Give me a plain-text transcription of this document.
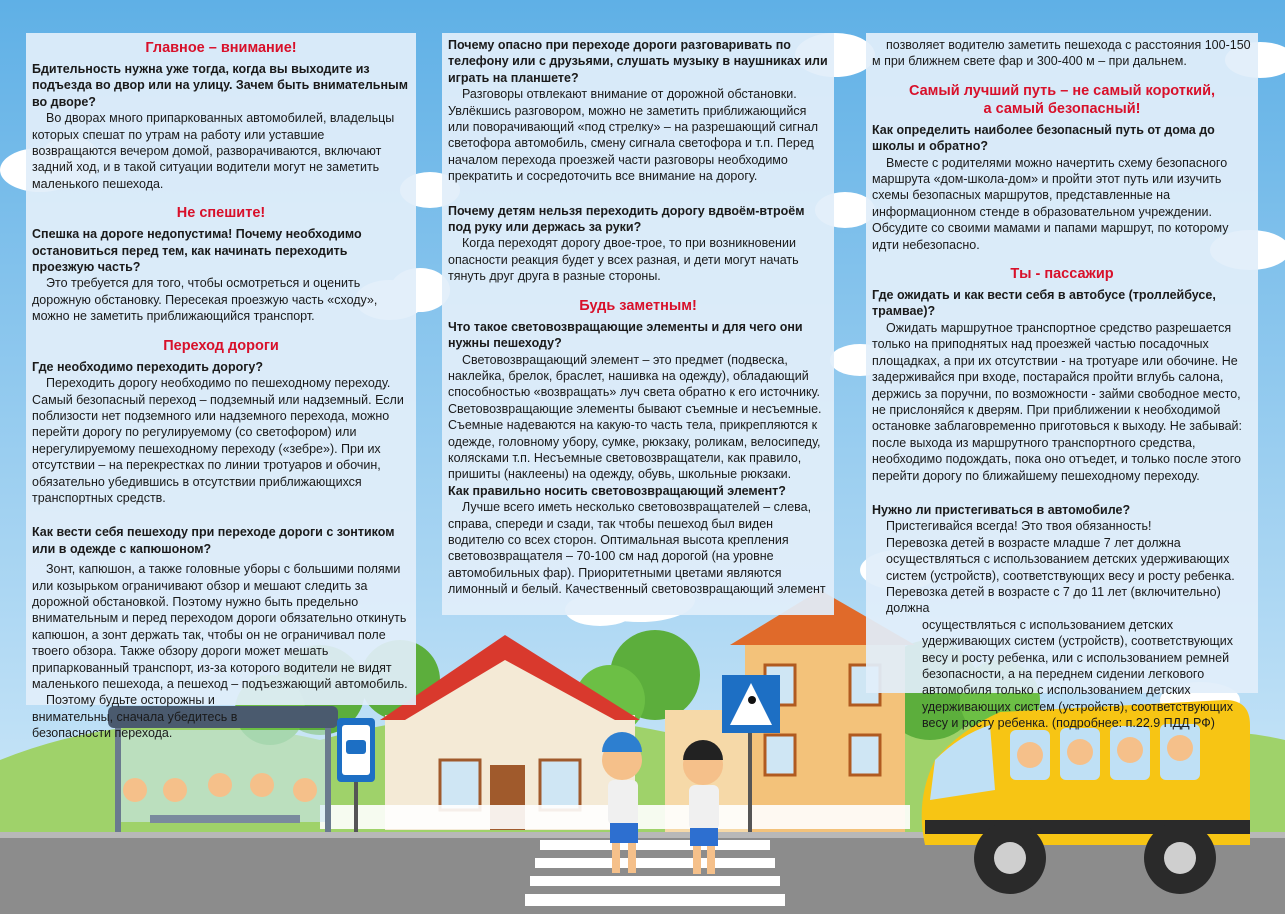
Главное – внимание!
Бдительность нужна уже тогда, когда вы выходите из подъезда во двор или на улицу. Зачем быть внимательным во дворе?
Во дворах много припаркованных автомобилей, владельцы которых спешат по утрам на работу или уставшие возвращаются вечером домой, разворачиваются, включают задний ход, и в такой ситуации водители могут не заметить маленького пешехода.
Не спешите!
Спешка на дороге недопустима! Почему необходимо остановиться перед тем, как начинать переходить проезжую часть?
Это требуется для того, чтобы осмотреться и оценить дорожную обстановку. Пересекая проезжую часть «сходу», можно не заметить приближающийся транспорт.
Переход дороги
Где необходимо переходить дорогу?
Переходить дорогу необходимо по пешеходному переходу. Самый безопасный переход – подземный или надземный. Если поблизости нет подземного или надземного перехода, можно перейти дорогу по регулируемому (со светофором) или нерегулируемому пешеходному переходу («зебре»). При их отсутствии – на перекрестках по линии тротуаров и обочин, обязательно убедившись в отсутствии приближающихся транспортных средств.
Как вести себя пешеходу при переходе дороги с зонтиком или в одежде с капюшоном?
Зонт, капюшон, а также головные уборы с большими полями или козырьком ограничивают обзор и мешают следить за дорожной обстановкой. Поэтому нужно быть предельно внимательным и перед переходом дороги обязательно откинуть капюшон, а зонт держать так, чтобы он не ограничивал поле твоего обзора. Также обзору дороги может мешать припаркованный транспорт, из-за которого водители не видят маленького пешехода, а пешеход – подъезжающий автомобиль.
Поэтому будьте осторожны и внимательны, сначала убедитесь в безопасности перехода.
Почему опасно при переходе дороги разговаривать по телефону или с друзьями, слушать музыку в наушниках или играть на планшете?
Разговоры отвлекают внимание от дорожной обстановки. Увлёкшись разговором, можно не заметить приближающийся или поворачивающий «под стрелку» – на разрешающий сигнал светофора автомобиль, смену сигнала светофора и т.п. Перед началом перехода проезжей части разговоры необходимо прекратить и сосредоточить все внимание на дорогу.
Почему детям нельзя переходить дорогу вдвоём-втроём под руку или держась за руки?
Когда переходят дорогу двое-трое, то при возникновении опасности реакция будет у всех разная, и дети могут начать тянуть друг друга в разные стороны.
Будь заметным!
Что такое световозвращающие элементы и для чего они нужны пешеходу?
Световозвращающий элемент – это предмет (подвеска, наклейка, брелок, браслет, нашивка на одежду), обладающий способностью «возвращать» луч света обратно к его источнику. Световозвращающие элементы бывают съемные и несъемные. Съемные надеваются на какую-то часть тела, прикрепляются к одежде, головному убору, сумке, рюкзаку, роликам, велосипеду, колясками т.п. Несъемные световозвращатели, как правило, пришиты (наклеены) на одежду, обувь, школьные рюкзаки.
Как правильно носить световозвращающий элемент?
Лучше всего иметь несколько световозвращателей – слева, справа, спереди и сзади, так чтобы пешеход был виден водителю со всех сторон. Оптимальная высота крепления световозвращателя – 70-100 см над дорогой (на уровне автомобильных фар). Приоритетными цветами являются лимонный и белый. Качественный световозвращающий элемент
позволяет водителю заметить пешехода с расстояния 100-150 м при ближнем свете фар и 300-400 м – при дальнем.
Самый лучший путь – не самый короткий,
а самый безопасный!
Как определить наиболее безопасный путь от дома до школы и обратно?
Вместе с родителями можно начертить схему безопасного маршрута «дом-школа-дом» и пройти этот путь или изучить схемы безопасных маршрутов, представленные на информационном стенде в образовательном учреждении. Обсудите со своими мамами и папами маршрут, по которому идти небезопасно.
Ты - пассажир
Где ожидать и как вести себя в автобусе (троллейбусе, трамвае)?
Ожидать маршрутное транспортное средство разрешается только на приподнятых над проезжей частью посадочных площадках, а при их отсутствии - на тротуаре или обочине. Не задерживайся при входе, постарайся пройти вглубь салона, держись за поручни, по возможности - займи свободное место, не прислоняйся к дверям. При приближении к необходимой остановке заблаговременно приготовься к выходу. Не забывай: после выхода из маршрутного транспортного средства, необходимо подождать, пока оно отъедет, и только после этого перейти дорогу по ближайшему пешеходному переходу.
Нужно ли пристегиваться в автомобиле?
Пристегивайся всегда! Это твоя обязанность!
Перевозка детей в возрасте младше 7 лет должна осуществляться с использованием детских удерживающих систем (устройств), соответствующих весу и росту ребенка.
Перевозка детей в возрасте с 7 до 11 лет (включительно) должна
осуществляться с использованием детских удерживающих систем (устройств), соответствующих весу и росту ребенка, или с использованием ремней безопасности, а на переднем сидении легкового автомобиля только с использованием детских удерживающих систем (устройств), соответствующих весу и росту ребенка. (подробнее: п.22.9 ПДД РФ)
